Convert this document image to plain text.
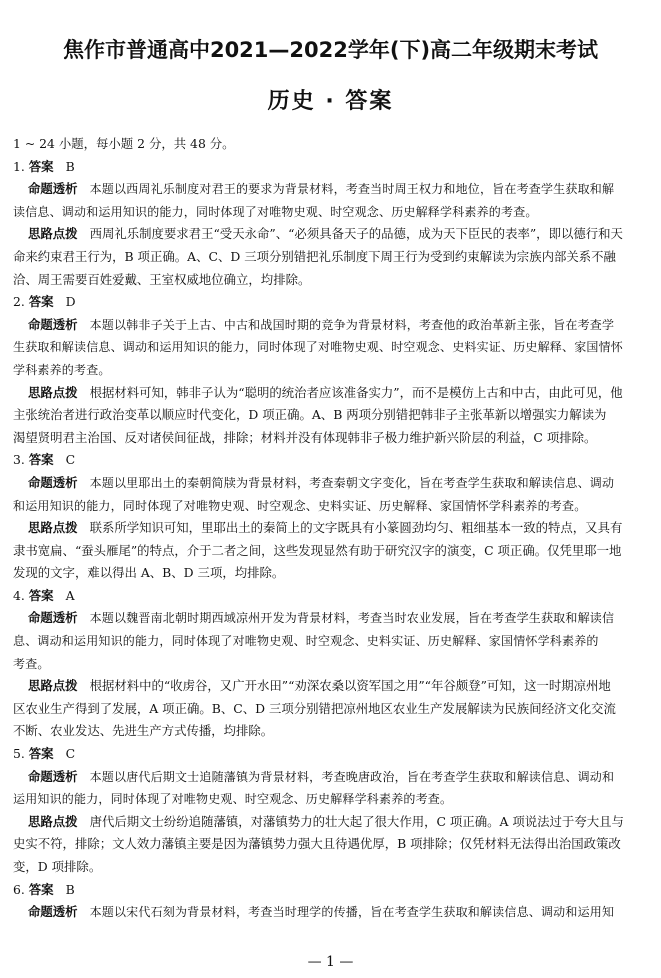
焦作市普通高中2021—2022学年(下)高二年级期末考试
历史 · 答案
1 ~ 24 小题，每小题 2 分，共 48 分。
1. 答案 B
命题透析 本题以西周礼乐制度对君王的要求为背景材料，考查当时周王权力和地位，旨在考查学生获取和解
读信息、调动和运用知识的能力，同时体现了对唯物史观、时空观念、历史解释学科素养的考查。
思路点拨 西周礼乐制度要求君王“受天永命”、“必须具备天子的品德，成为天下臣民的表率”，即以德行和天
命来约束君王行为，B 项正确。A、C、D 三项分别错把礼乐制度下周王行为受到约束解读为宗族内部关系不融
洽、周王需要百姓爱戴、王室权威地位确立，均排除。
2. 答案 D
命题透析 本题以韩非子关于上古、中古和战国时期的竞争为背景材料，考查他的政治革新主张，旨在考查学
生获取和解读信息、调动和运用知识的能力，同时体现了对唯物史观、时空观念、史料实证、历史解释、家国情怀
学科素养的考查。
思路点拨 根据材料可知，韩非子认为“聪明的统治者应该准备实力”，而不是模仿上古和中古，由此可见，他
主张统治者进行政治变革以顺应时代变化，D 项正确。A、B 两项分别错把韩非子主张革新以增强实力解读为
渴望贤明君主治国、反对诸侯间征战，排除；材料并没有体现韩非子极力维护新兴阶层的利益，C 项排除。
3. 答案 C
命题透析 本题以里耶出土的秦朝简牍为背景材料，考查秦朝文字变化，旨在考查学生获取和解读信息、调动
和运用知识的能力，同时体现了对唯物史观、时空观念、史料实证、历史解释、家国情怀学科素养的考查。
思路点拨 联系所学知识可知，里耶出土的秦简上的文字既具有小篆圆劲均匀、粗细基本一致的特点，又具有
隶书宽扁、“蚕头雁尾”的特点，介于二者之间，这些发现显然有助于研究汉字的演变，C 项正确。仅凭里耶一地
发现的文字，难以得出 A、B、D 三项，均排除。
4. 答案 A
命题透析 本题以魏晋南北朝时期西域凉州开发为背景材料，考查当时农业发展，旨在考查学生获取和解读信
息、调动和运用知识的能力，同时体现了对唯物史观、时空观念、史料实证、历史解释、家国情怀学科素养的
考查。
思路点拨 根据材料中的“收虏谷，又广开水田”“劝深农桑以资军国之用”“年谷颇登”可知，这一时期凉州地
区农业生产得到了发展，A 项正确。B、C、D 三项分别错把凉州地区农业生产发展解读为民族间经济文化交流
不断、农业发达、先进生产方式传播，均排除。
5. 答案 C
命题透析 本题以唐代后期文士追随藩镇为背景材料，考查晚唐政治，旨在考查学生获取和解读信息、调动和
运用知识的能力，同时体现了对唯物史观、时空观念、历史解释学科素养的考查。
思路点拨 唐代后期文士纷纷追随藩镇，对藩镇势力的壮大起了很大作用，C 项正确。A 项说法过于夸大且与
史实不符，排除；文人效力藩镇主要是因为藩镇势力强大且待遇优厚，B 项排除；仅凭材料无法得出治国政策改
变，D 项排除。
6. 答案 B
命题透析 本题以宋代石刻为背景材料，考查当时理学的传播，旨在考查学生获取和解读信息、调动和运用知
— 1 —
